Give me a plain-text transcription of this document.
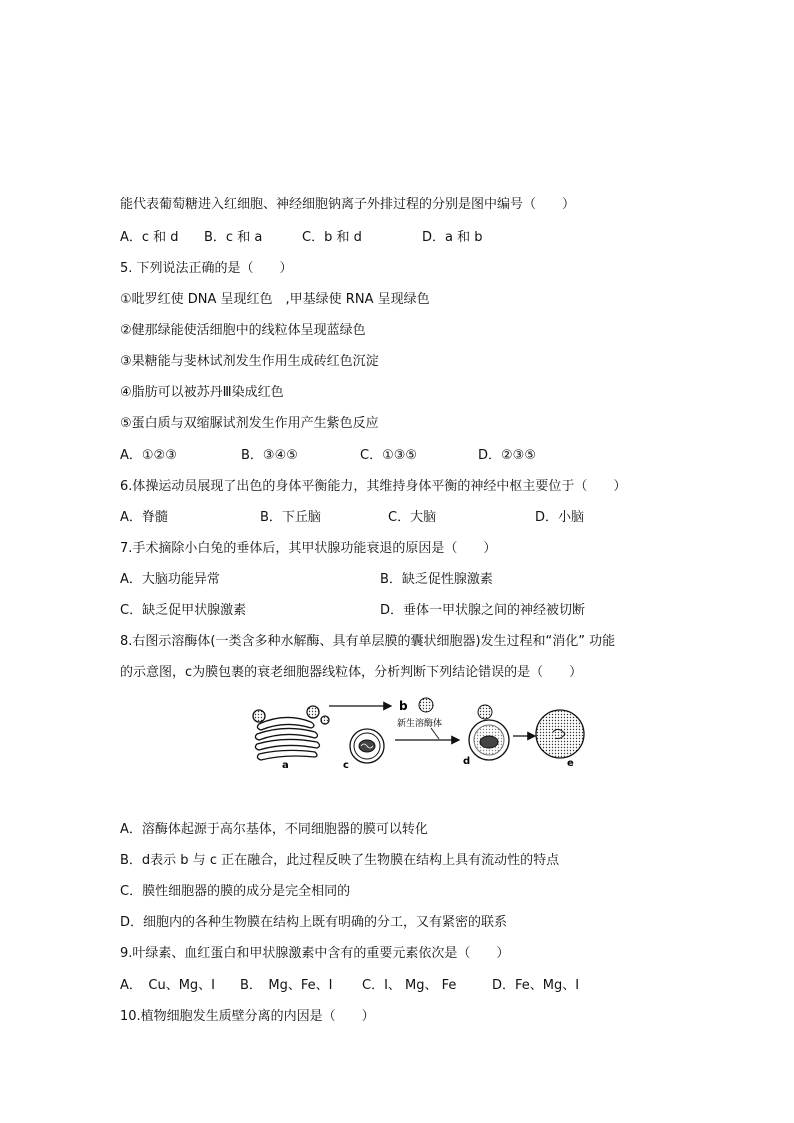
能代表葡萄糖进入红细胞、神经细胞钠离子外排过程的分别是图中编号（　　）

A．c 和 d B．c 和 a	C．b 和 d	D．a 和 b

5. 下列说法正确的是（　　）

①吡罗红使 DNA 呈现红色　,甲基绿使 RNA 呈现绿色

②健那绿能使活细胞中的线粒体呈现蓝绿色

③果糖能与斐林试剂发生作用生成砖红色沉淀

④脂肪可以被苏丹Ⅲ染成红色

⑤蛋白质与双缩脲试剂发生作用产生紫色反应

A．①②③	B．③④⑤	C．①③⑤	D．②③⑤

6.体操运动员展现了出色的身体平衡能力，其维持身体平衡的神经中枢主要位于（　　）

A．脊髓	B．下丘脑	C．大脑	D．小脑

7.手术摘除小白兔的垂体后，其甲状腺功能衰退的原因是（　　）

A．大脑功能异常	B．缺乏促性腺激素
C．缺乏促甲状腺激素	D．垂体一甲状腺之间的神经被切断

8.右图示溶酶体(一类含多种水解酶、具有单层膜的囊状细胞器)发生过程和“消化” 功能

的示意图，c为膜包裹的衰老细胞器线粒体，分析判断下列结论错误的是（　　）

a
b
新生溶酶体
c	d	e

A．溶酶体起源于高尔基体，不同细胞器的膜可以转化

B．d表示 b 与 c 正在融合，此过程反映了生物膜在结构上具有流动性的特点

C．膜性细胞器的膜的成分是完全相同的

D．细胞内的各种生物膜在结构上既有明确的分工，又有紧密的联系

9.叶绿素、血红蛋白和甲状腺激素中含有的重要元素依次是（　　）

A．　Cu、Mg、I B．　Mg、Fe、I C．I、 Mg、 Fe	D．Fe、Mg、I

10.植物细胞发生质壁分离的内因是（　　）
